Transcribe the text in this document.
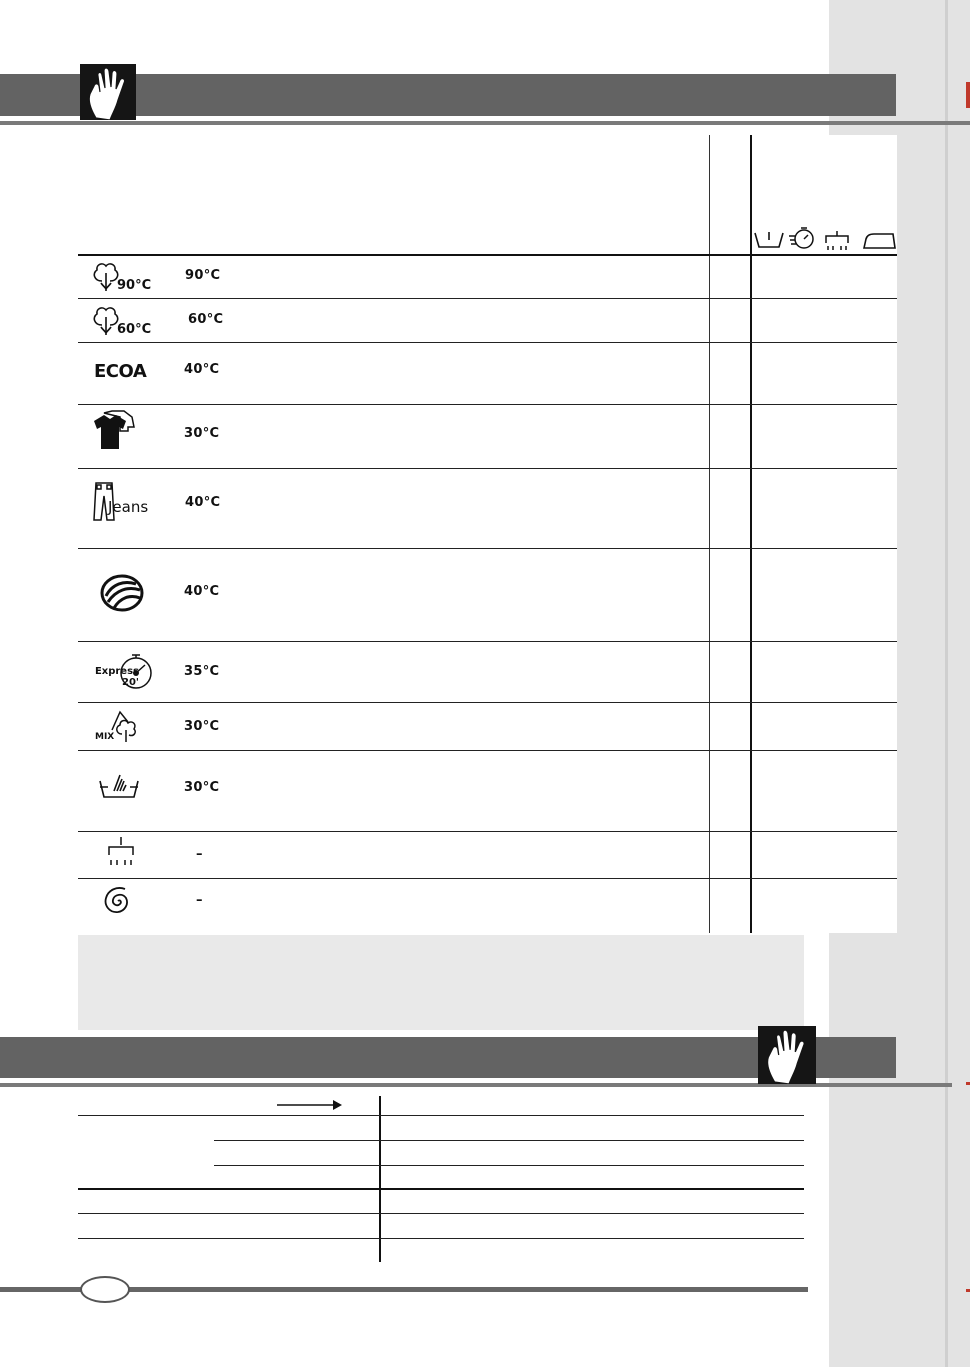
90°C
90°C
60°C
60°C
ECOA	40°C
30°C
Jeans	40°C
40°C
Express 20'
35°C
MIX
30°C
30°C
–
–
